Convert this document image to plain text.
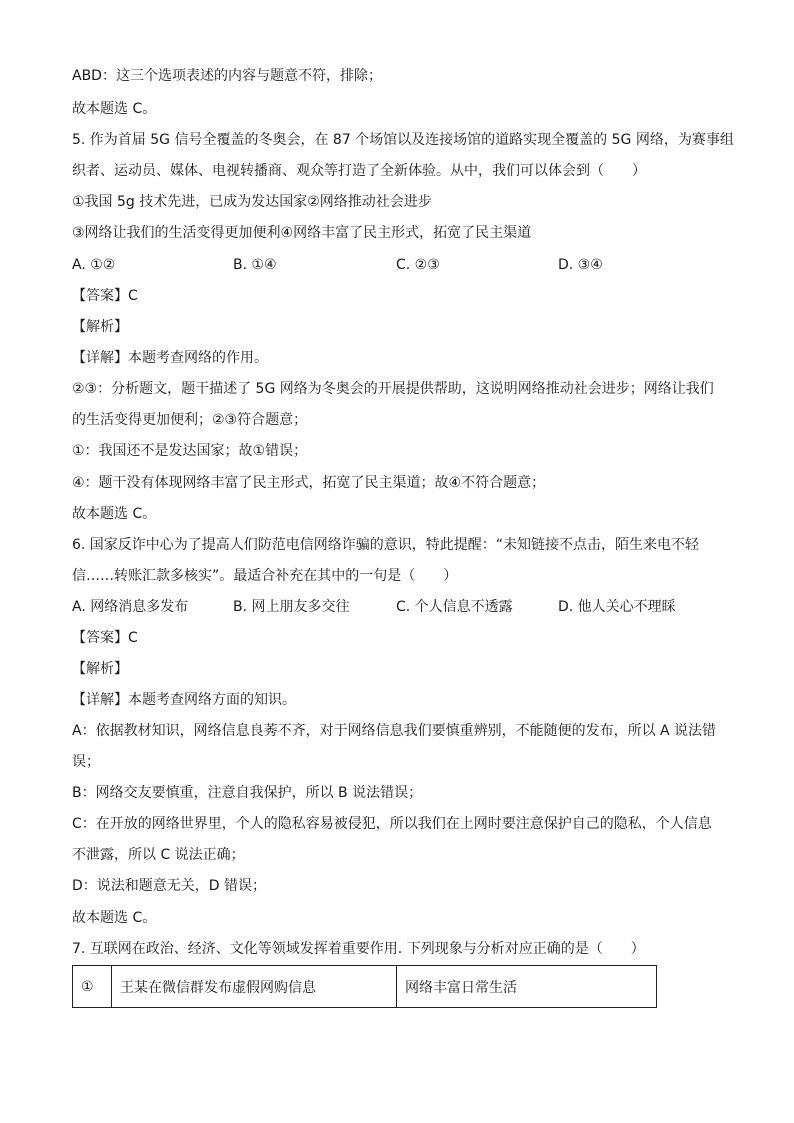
ABD：这三个选项表述的内容与题意不符，排除；
故本题选 C。
5. 作为首届 5G 信号全覆盖的冬奥会，在 87 个场馆以及连接场馆的道路实现全覆盖的 5G 网络，为赛事组
织者、运动员、媒体、电视转播商、观众等打造了全新体验。从中，我们可以体会到（　　）
①我国 5g 技术先进，已成为发达国家②网络推动社会进步
③网络让我们的生活变得更加便利④网络丰富了民主形式，拓宽了民主渠道
A. ①②	B. ①④	C. ②③	D. ③④
【答案】C
【解析】
【详解】本题考查网络的作用。
②③：分析题文，题干描述了 5G 网络为冬奥会的开展提供帮助，这说明网络推动社会进步；网络让我们
的生活变得更加便利；②③符合题意；
①：我国还不是发达国家；故①错误；
④：题干没有体现网络丰富了民主形式，拓宽了民主渠道；故④不符合题意；
故本题选 C。
6. 国家反诈中心为了提高人们防范电信网络诈骗的意识，特此提醒：“未知链接不点击，陌生来电不轻
信……转账汇款多核实”。最适合补充在其中的一句是（　　）
A. 网络消息多发布	B. 网上朋友多交往	C. 个人信息不透露	D. 他人关心不理睬
【答案】C
【解析】
【详解】本题考查网络方面的知识。
A：依据教材知识，网络信息良莠不齐，对于网络信息我们要慎重辨别，不能随便的发布，所以 A 说法错
误；
B：网络交友要慎重，注意自我保护，所以 B 说法错误；
C：在开放的网络世界里，个人的隐私容易被侵犯，所以我们在上网时要注意保护自己的隐私，个人信息
不泄露，所以 C 说法正确；
D：说法和题意无关，D 错误；
故本题选 C。
7. 互联网在政治、经济、文化等领域发挥着重要作用. 下列现象与分析对应正确的是（　　）
①	王某在微信群发布虚假网购信息	网络丰富日常生活
